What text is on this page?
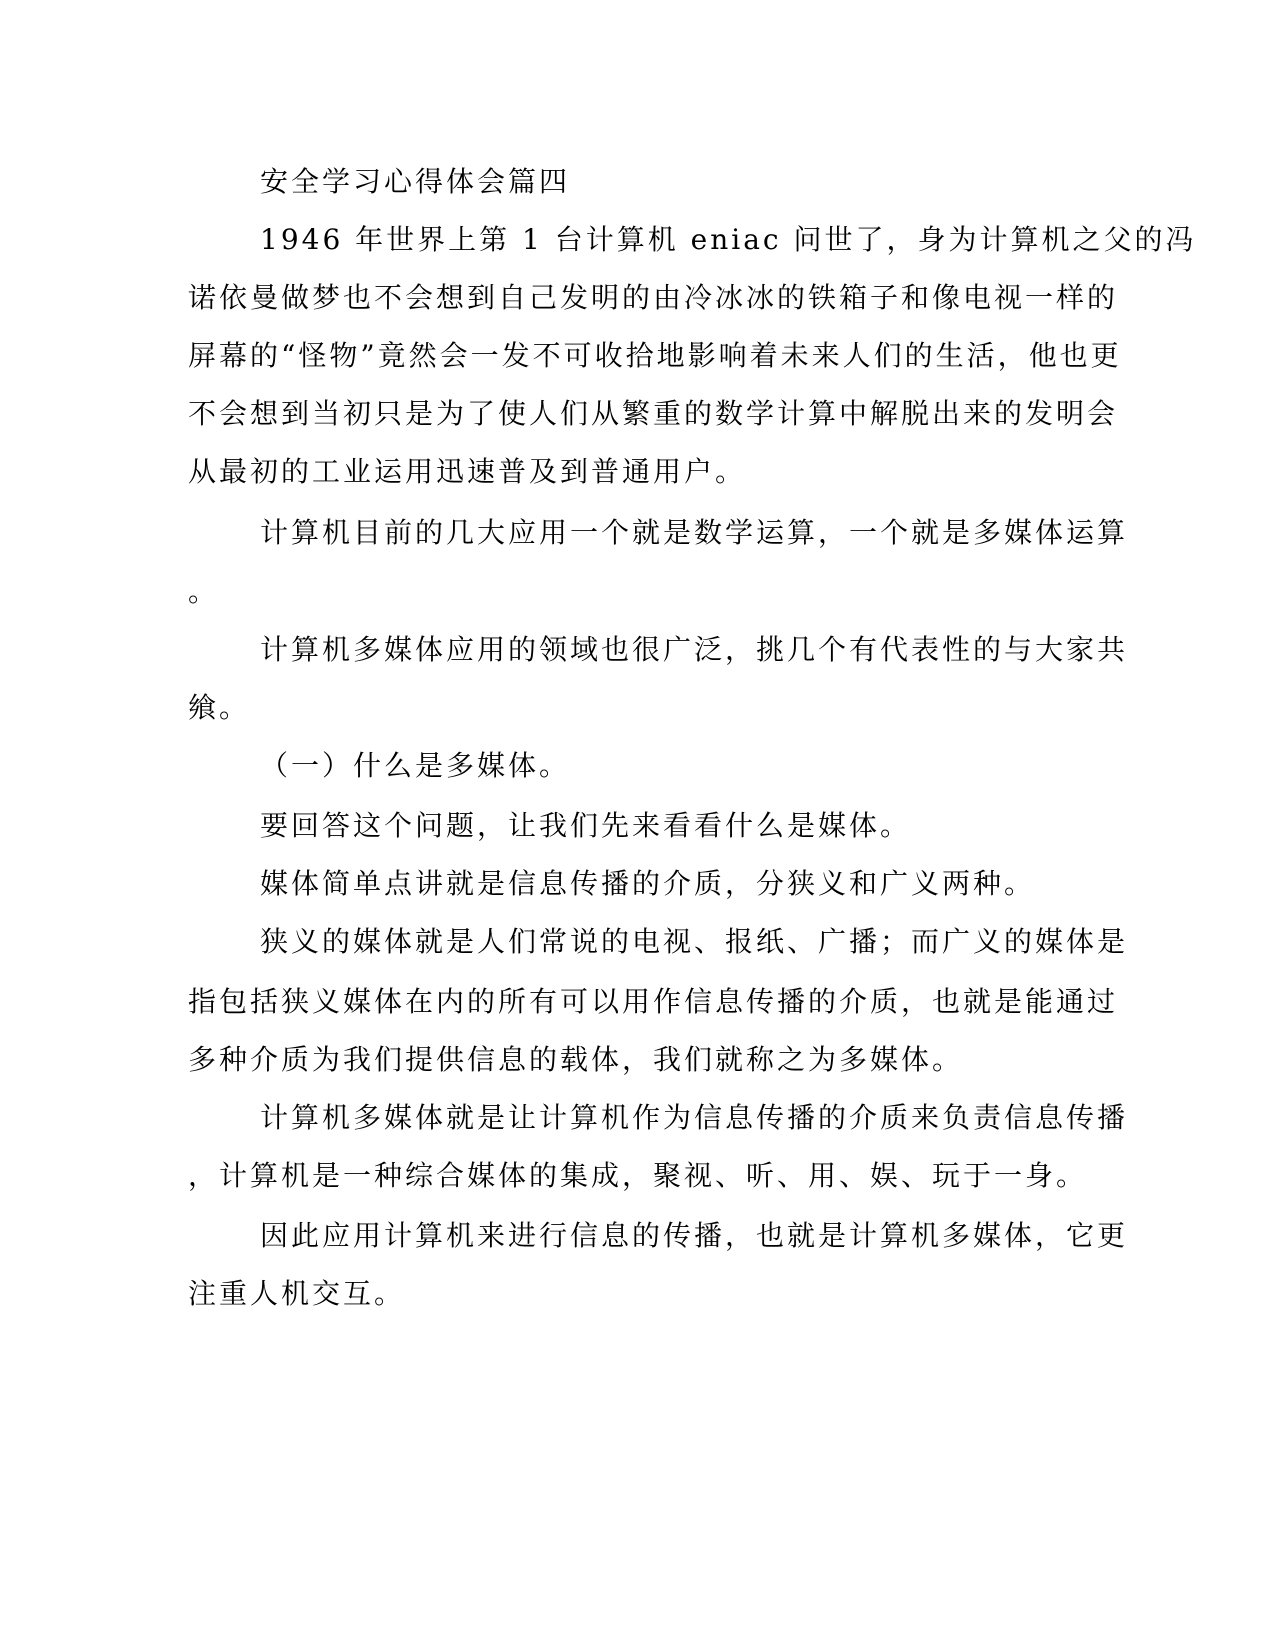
安全学习心得体会篇四
1946 年世界上第 1 台计算机 eniac 问世了，身为计算机之父的冯
诺依曼做梦也不会想到自己发明的由冷冰冰的铁箱子和像电视一样的
屏幕的“怪物”竟然会一发不可收拾地影响着未来人们的生活，他也更
不会想到当初只是为了使人们从繁重的数学计算中解脱出来的发明会
从最初的工业运用迅速普及到普通用户。
计算机目前的几大应用一个就是数学运算，一个就是多媒体运算
。
计算机多媒体应用的领域也很广泛，挑几个有代表性的与大家共
飨。
（一）什么是多媒体。
要回答这个问题，让我们先来看看什么是媒体。
媒体简单点讲就是信息传播的介质，分狭义和广义两种。
狭义的媒体就是人们常说的电视、报纸、广播；而广义的媒体是
指包括狭义媒体在内的所有可以用作信息传播的介质，也就是能通过
多种介质为我们提供信息的载体，我们就称之为多媒体。
计算机多媒体就是让计算机作为信息传播的介质来负责信息传播
，计算机是一种综合媒体的集成，聚视、听、用、娱、玩于一身。
因此应用计算机来进行信息的传播，也就是计算机多媒体，它更
注重人机交互。
